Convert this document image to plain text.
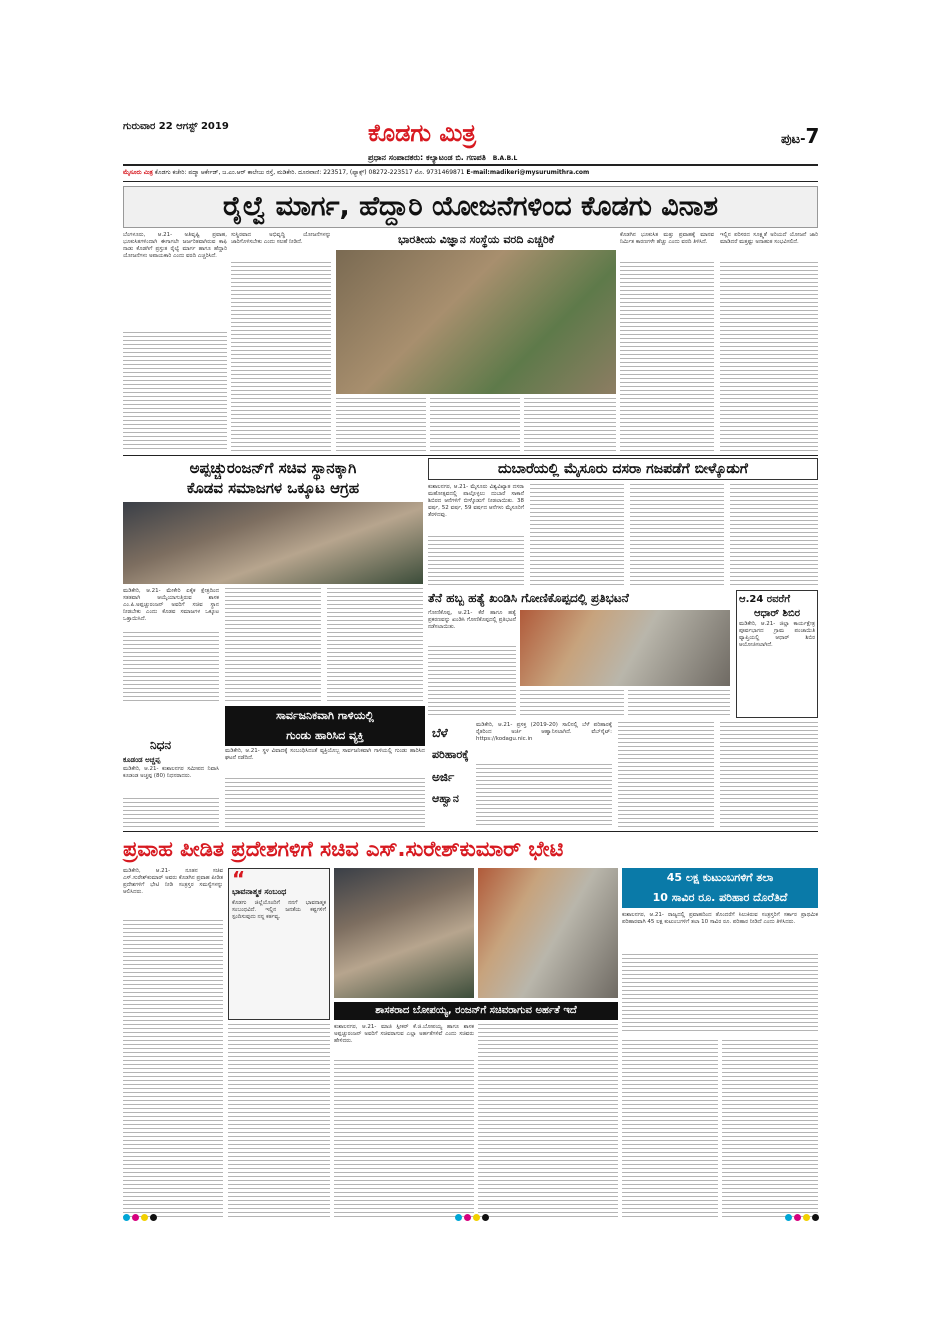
ಗುರುವಾರ 22 ಆಗಸ್ಟ್ 2019	ಕೊಡಗು ಮಿತ್ರ	ಪುಟ-7
ಪ್ರಧಾನ ಸಂಪಾದಕರು: ಕಲ್ಯಾಟಂಡ ಬಿ. ಗಣಪತಿ B.A.B.L
ಮೈಸೂರು ಮಿತ್ರ ಕೊಡಗು ಕಚೇರಿ: ಪದ್ಮಾ ಆರ್ಕೇಡ್, ಜ.ಎಂ.ಆರ್ ಕಾಲೇಜು ರಸ್ತೆ, ಮಡಿಕೇರಿ. ದೂರವಾಣಿ: 223517, (ಫ್ಯಾಕ್ಸ್) 08272-223517 ಮೊ. 9731469871 E-mail:madikeri@mysurumithra.com
ರೈಲ್ವೆ ಮಾರ್ಗ, ಹೆದ್ದಾರಿ ಯೋಜನೆಗಳಿಂದ ಕೊಡಗು ವಿನಾಶ
ಬೆಂಗಳೂರು, ಆ.21- ಅತಿವೃಷ್ಟಿ ಪ್ರವಾಹ, ಭೂಕುಸಿತಗಳಿಂದಾಗಿ ಈಗಾಗಲೇ ಜರ್ಜರಿತವಾಗಿರುವ ಕಾಫಿ ನಾಡು ಕೊಡಗಿಗೆ ಪ್ರಸ್ತುತ ರೈಲ್ವೆ ಮಾರ್ಗ ಹಾಗೂ ಹೆದ್ದಾರಿ ಯೋಜನೆಗಳು ಅಪಾಯಕಾರಿ ಎಂದು ವರದಿ ಎಚ್ಚರಿಸಿದೆ.
ಸುಸ್ಥಿರವಾದ ಅಭಿವೃದ್ಧಿ ಯೋಜನೆಗಳನ್ನು ಜಾರಿಗೊಳಿಸಬೇಕು ಎಂದು ಸಲಹೆ ನೀಡಿದೆ.	ಭಾರತೀಯ ವಿಜ್ಞಾನ ಸಂಸ್ಥೆಯ ವರದಿ ಎಚ್ಚರಿಕೆ	ಕೊಡಗಿನ ಭೂಕುಸಿತ ಮತ್ತು ಪ್ರವಾಹಕ್ಕೆ ಮಾನವ ನಿರ್ಮಿತ ಕಾರಣಗಳೇ ಹೆಚ್ಚು ಎಂದು ವರದಿ ತಿಳಿಸಿದೆ.
ಇಲ್ಲಿನ ಪರಿಸರದ ಸೂಕ್ಷ್ಮತೆ ಅರಿಯದೆ ಯೋಜನೆ ಜಾರಿ ಮಾಡಿದರೆ ಮತ್ತಷ್ಟು ಅನಾಹುತ ಸಂಭವಿಸಲಿದೆ.
ಅಪ್ಪಚ್ಚುರಂಜನ್‌ಗೆ ಸಚಿವ ಸ್ಥಾನಕ್ಕಾಗಿ
ಕೊಡವ ಸಮಾಜಗಳ ಒಕ್ಕೂಟ ಆಗ್ರಹ
ಮಡಿಕೇರಿ, ಆ.21- ಮೇಕೇರಿ ಏಕೈಕ ಕ್ಷೇತ್ರದಿಂದ ಸತತವಾಗಿ ಆಯ್ಕೆಯಾಗುತ್ತಿರುವ ಶಾಸಕ ಎಂ.ಪಿ.ಅಪ್ಪಚ್ಚುರಂಜನ್ ಅವರಿಗೆ ಸಚಿವ ಸ್ಥಾನ ನೀಡಬೇಕು ಎಂದು ಕೊಡವ ಸಮಾಜಗಳ ಒಕ್ಕೂಟ ಒತ್ತಾಯಿಸಿದೆ.
ದುಬಾರೆಯಲ್ಲಿ ಮೈಸೂರು ದಸರಾ ಗಜಪಡೆಗೆ ಬೀಳ್ಕೊಡುಗೆ
ಕುಶಾಲನಗರ, ಆ.21- ಮೈಸೂರು ವಿಶ್ವವಿಖ್ಯಾತ ದಸರಾ ಮಹೋತ್ಸವದಲ್ಲಿ ಪಾಲ್ಗೊಳ್ಳಲು ದುಬಾರೆ ಸಾಕಾನೆ ಶಿಬಿರದ ಆನೆಗಳಿಗೆ ಬೀಳ್ಕೊಡುಗೆ ನೀಡಲಾಯಿತು. 38 ವರ್ಷ, 52 ವರ್ಷ, 59 ವರ್ಷದ ಆನೆಗಳು ಮೈಸೂರಿಗೆ ತೆರಳಿದವು.
ತೆನೆ ಹಬ್ಬ ಹತ್ಯೆ ಖಂಡಿಸಿ ಗೋಣಿಕೊಪ್ಪದಲ್ಲಿ ಪ್ರತಿಭಟನೆ
ಗೋಣಿಕೊಪ್ಪ, ಆ.21- ಕೆರೆ ಹಾಗೂ ಹತ್ಯೆ ಪ್ರಕರಣವನ್ನು ಖಂಡಿಸಿ ಗೋಣಿಕೊಪ್ಪದಲ್ಲಿ ಪ್ರತಿಭಟನೆ ನಡೆಸಲಾಯಿತು.
ಆ.24 ರವರೆಗೆ
ಆಧಾರ್ ಶಿಬಿರ
ಮಡಿಕೇರಿ, ಆ.21- ಜಿಲ್ಲಾ ಕಾರ್ಯಕ್ಷೇತ್ರ ಪೂರ್ವಭಾಗದ ಗ್ರಾಮ ಪಂಚಾಯಿತಿ ವ್ಯಾಪ್ತಿಯಲ್ಲಿ ಆಧಾರ್ ಶಿಬಿರ ಆಯೋಜಿಸಲಾಗಿದೆ.
ಸಾರ್ವಜನಿಕವಾಗಿ ಗಾಳಿಯಲ್ಲಿ
ಗುಂಡು ಹಾರಿಸಿದ ವ್ಯಕ್ತಿ
ಮಡಿಕೇರಿ, ಆ.21- ಸ್ಥಳ ವಿವಾದಕ್ಕೆ ಸಂಬಂಧಿಸಿದಂತೆ ವ್ಯಕ್ತಿಯೊಬ್ಬ ಸಾರ್ವಜನಿಕವಾಗಿ ಗಾಳಿಯಲ್ಲಿ ಗುಂಡು ಹಾರಿಸಿದ ಘಟನೆ ನಡೆದಿದೆ.
ನಿಧನ
ಕೂಡಂಡ ಅಚ್ಚಪ್ಪ
ಮಡಿಕೇರಿ, ಆ.21- ಕುಶಾಲನಗರ ಸಮೀಪದ ನಿವಾಸಿ ಕೂಡಂಡ ಅಚ್ಚಪ್ಪ (80) ನಿಧನರಾದರು.
ಬೆಳೆ
ಪರಿಹಾರಕ್ಕೆ
ಅರ್ಜಿ
ಆಹ್ವಾನ
ಮಡಿಕೇರಿ, ಆ.21- ಪ್ರಸಕ್ತ (2019-20) ಸಾಲಿನಲ್ಲಿ ಬೆಳೆ ಪರಿಹಾರಕ್ಕೆ ರೈತರಿಂದ ಅರ್ಜಿ ಆಹ್ವಾನಿಸಲಾಗಿದೆ. ವೆಬ್‌ಸೈಟ್: https://kodagu.nic.in
ಪ್ರವಾಹ ಪೀಡಿತ ಪ್ರದೇಶಗಳಿಗೆ ಸಚಿವ ಎಸ್.ಸುರೇಶ್‌ಕುಮಾರ್ ಭೇಟಿ
ಮಡಿಕೇರಿ, ಆ.21- ನೂತನ ಸಚಿವ ಎಸ್.ಸುರೇಶ್‌ಕುಮಾರ್ ಅವರು ಕೊಡಗಿನ ಪ್ರವಾಹ ಪೀಡಿತ ಪ್ರದೇಶಗಳಿಗೆ ಭೇಟಿ ನೀಡಿ ಸಂತ್ರಸ್ತರ ಸಮಸ್ಯೆಗಳನ್ನು ಆಲಿಸಿದರು.
“
ಭಾವನಾತ್ಮಕ ಸಂಬಂಧ
ಕೊಡಗು ಜಿಲ್ಲೆಯೊಂದಿಗೆ ನನಗೆ ಭಾವನಾತ್ಮಕ ಸಂಬಂಧವಿದೆ. ಇಲ್ಲಿನ ಜನತೆಯ ಕಷ್ಟಗಳಿಗೆ ಸ್ಪಂದಿಸುವುದು ನನ್ನ ಕರ್ತವ್ಯ.
ಶಾಸಕರಾದ ಬೋಪಯ್ಯ, ರಂಜನ್‌ಗೆ ಸಚಿವರಾಗುವ ಅರ್ಹತೆ ಇದೆ
ಕುಶಾಲನಗರ, ಆ.21- ಮಾಜಿ ಸ್ಪೀಕರ್ ಕೆ.ಜಿ.ಬೋಪಯ್ಯ ಹಾಗೂ ಶಾಸಕ ಅಪ್ಪಚ್ಚುರಂಜನ್ ಅವರಿಗೆ ಸಚಿವರಾಗುವ ಎಲ್ಲಾ ಅರ್ಹತೆಗಳಿವೆ ಎಂದು ಸಚಿವರು ಹೇಳಿದರು.
45 ಲಕ್ಷ ಕುಟುಂಬಗಳಿಗೆ ತಲಾ
10 ಸಾವಿರ ರೂ. ಪರಿಹಾರ ದೊರೆತಿದೆ
ಕುಶಾಲನಗರ, ಆ.21- ರಾಜ್ಯದಲ್ಲಿ ಪ್ರವಾಹದಿಂದ ತೊಂದರೆಗೆ ಸಿಲುಕಿರುವ ಸಂತ್ರಸ್ತರಿಗೆ ಸರ್ಕಾರ ಪ್ರಾಥಮಿಕ ಪರಿಹಾರವಾಗಿ 45 ಲಕ್ಷ ಕುಟುಂಬಗಳಿಗೆ ತಲಾ 10 ಸಾವಿರ ರೂ. ಪರಿಹಾರ ನೀಡಿದೆ ಎಂದು ತಿಳಿಸಿದರು.
